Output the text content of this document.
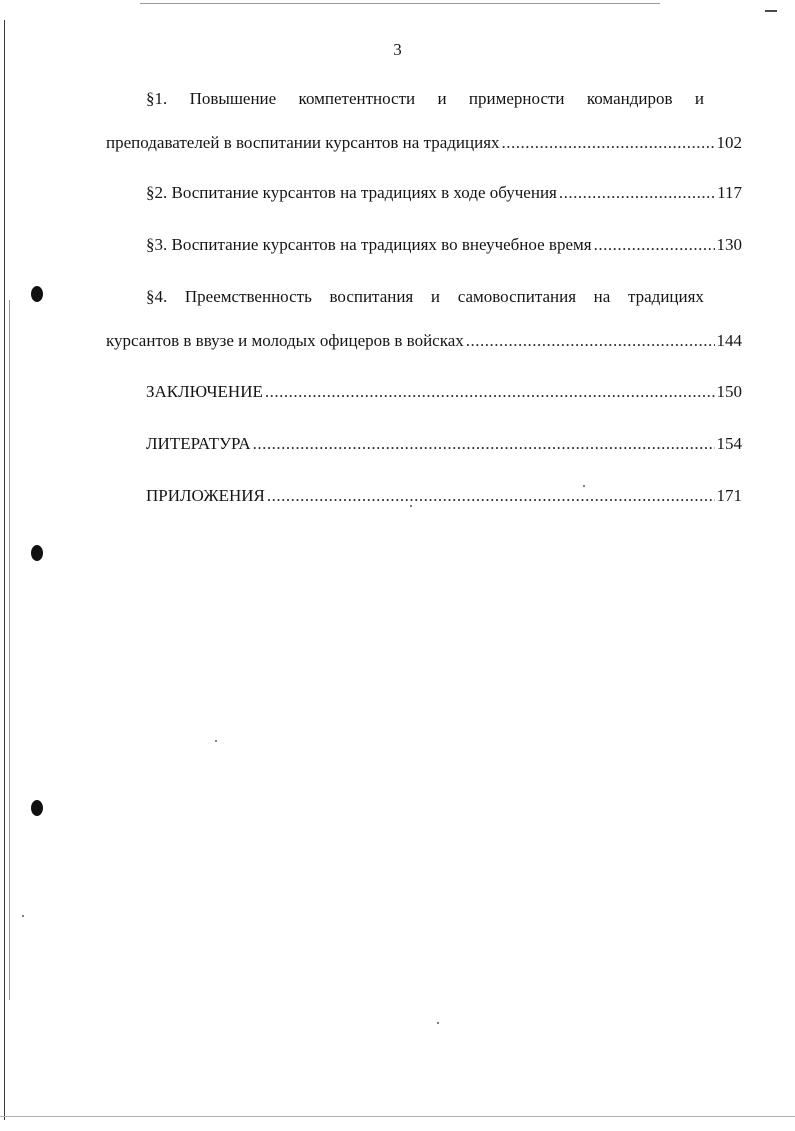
3
§1. Повышение компетентности и примерности командиров и
преподавателей в воспитании курсантов на традициях .....	102
§2. Воспитание курсантов на традициях в ходе обучения .....	117
§3. Воспитание курсантов на традициях во внеучебное время .....	130
§4. Преемственность воспитания и самовоспитания на традициях
курсантов в ввузе и молодых офицеров в войсках .....	144
ЗАКЛЮЧЕНИЕ .....	150
ЛИТЕРАТУРА .....	154
ПРИЛОЖЕНИЯ .....	171
